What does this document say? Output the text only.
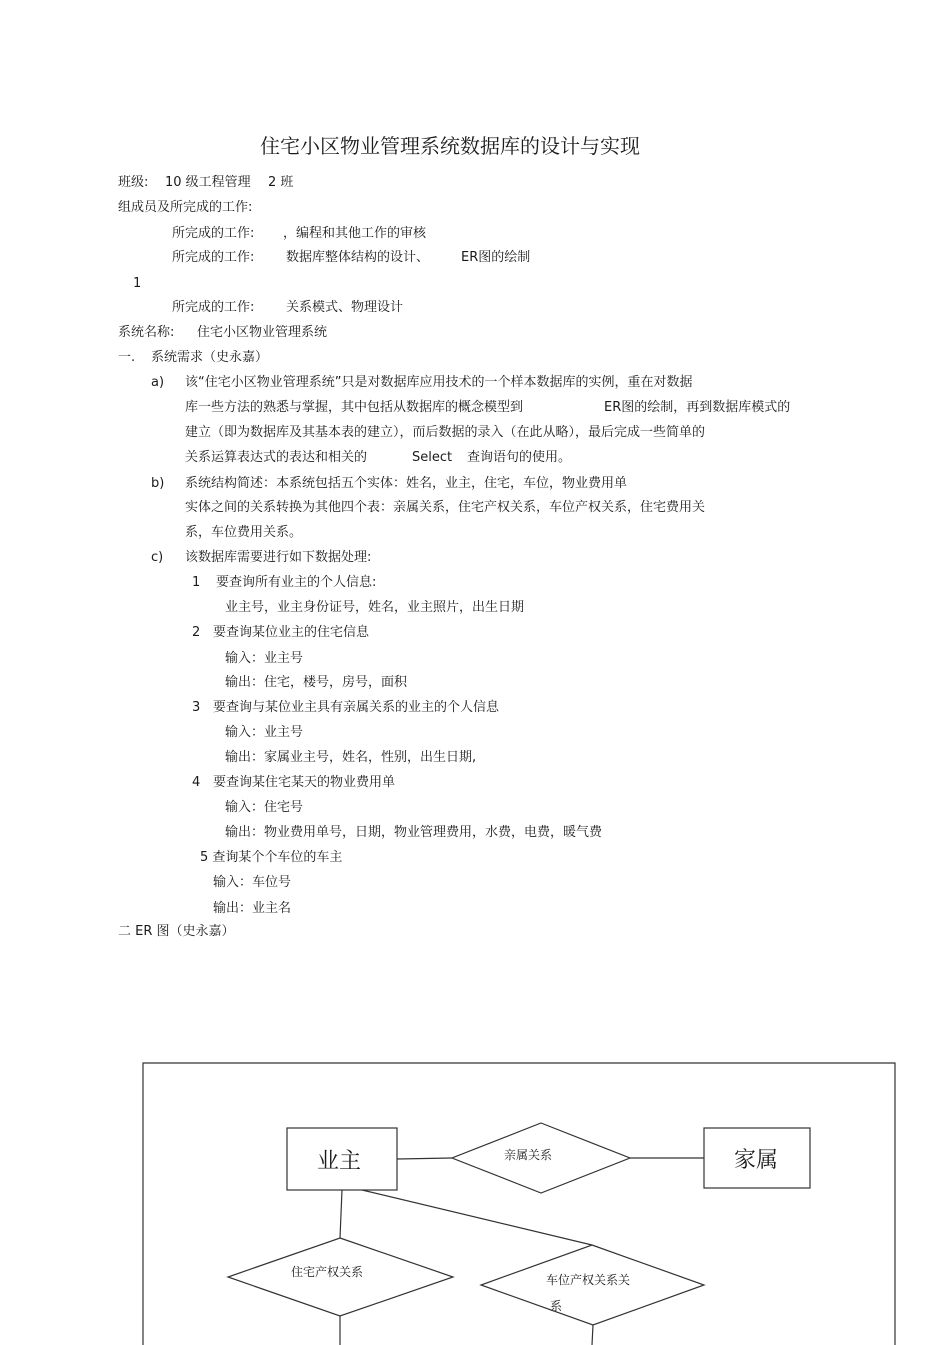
住宅小区物业管理系统数据库的设计与实现
班级: 10 级工程管理 2 班
组成员及所完成的工作:
所完成的工作: ，编程和其他工作的审核
所完成的工作: 数据库整体结构的设计、 ER图的绘制
1
所完成的工作: 关系模式、物理设计
系统名称: 住宅小区物业管理系统
一. 系统需求（史永嘉）
a) 该“住宅小区物业管理系统”只是对数据库应用技术的一个样本数据库的实例，重在对数据
库一些方法的熟悉与掌握，其中包括从数据库的概念模型到	ER图的绘制，再到数据库模式的
建立（即为数据库及其基本表的建立），而后数据的录入（在此从略），最后完成一些简单的
关系运算表达式的表达和相关的	Select 查询语句的使用。
b) 系统结构简述：本系统包括五个实体：姓名，业主，住宅，车位，物业费用单
实体之间的关系转换为其他四个表：亲属关系，住宅产权关系，车位产权关系，住宅费用关
系，车位费用关系。
c) 该数据库需要进行如下数据处理:
1 要查询所有业主的个人信息:
业主号，业主身份证号，姓名，业主照片，出生日期
2 要查询某位业主的住宅信息
输入：业主号
输出：住宅，楼号，房号，面积
3 要查询与某位业主具有亲属关系的业主的个人信息
输入：业主号
输出：家属业主号，姓名，性别，出生日期,
4 要查询某住宅某天的物业费用单
输入：住宅号
输出：物业费用单号，日期，物业管理费用，水费，电费，暖气费
5 查询某个个车位的车主
输入：车位号
输出：业主名
二 ER 图（史永嘉）
业主	家属
亲属关系
住宅产权关系
车位产权关系关
系
